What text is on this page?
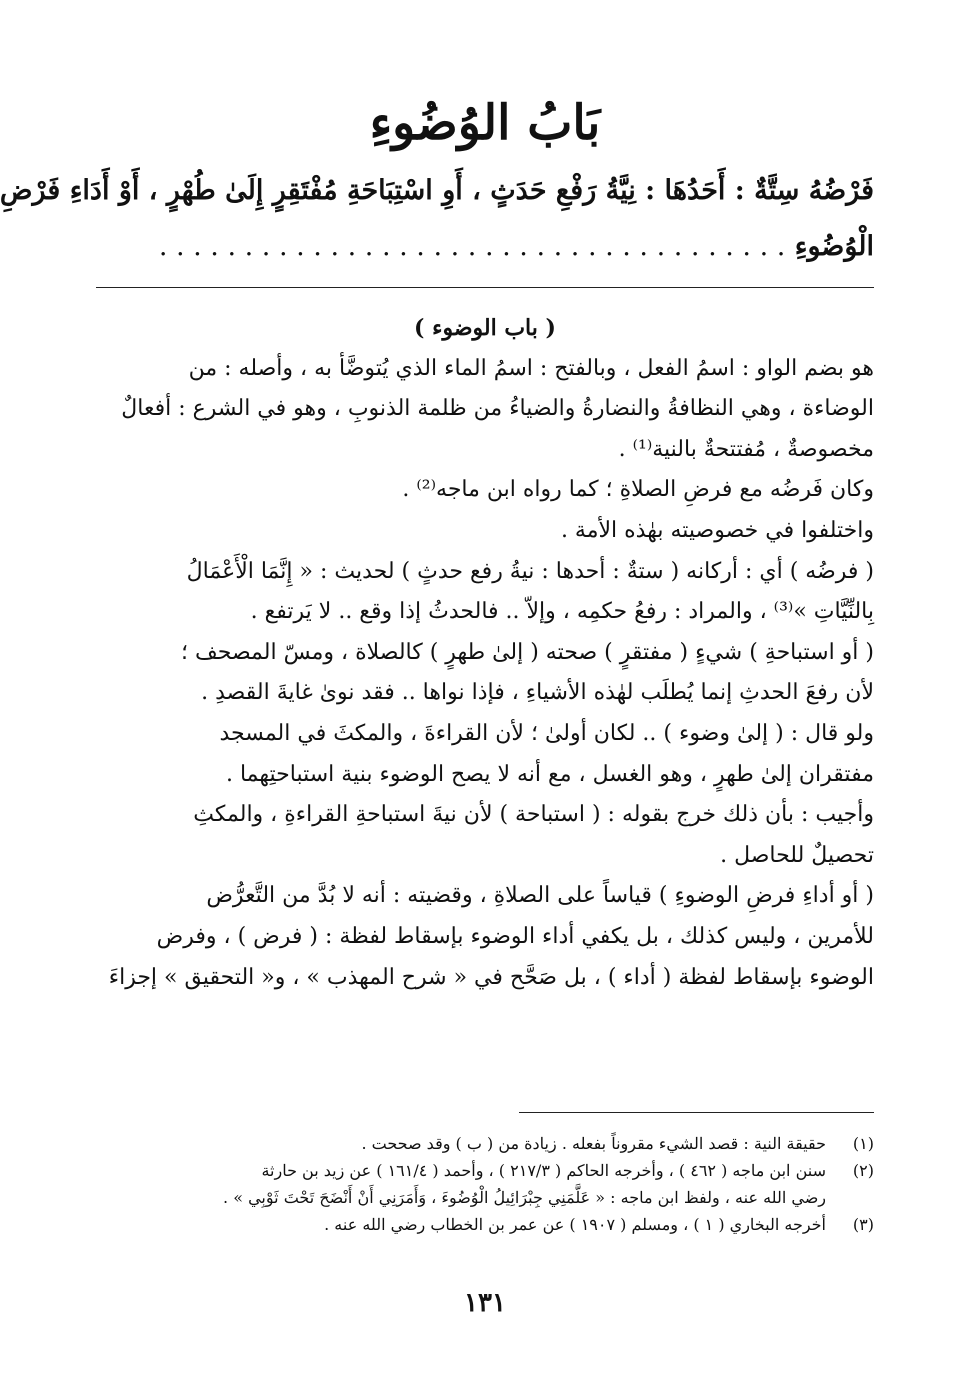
بَابُ الوُضُوءِ
فَرْضُهُ سِتَّةٌ : أَحَدُهَا : نِيَّةُ رَفْعِ حَدَثٍ ، أَوِ اسْتِبَاحَةِ مُفْتَقِرٍ إِلَىٰ طُهْرٍ ، أَوْ أَدَاءِ فَرْضِ
الْوُضُوءِ . . . . . . . . . . . . . . . . . . . . . . . . . . . . . . . . . . . . .
( باب الوضوء )
هو بضم الواو : اسمُ الفعل ، وبالفتح : اسمُ الماء الذي يُتوضَّأ به ، وأصله : من
الوضاءة ، وهي النظافةُ والنضارةُ والضياءُ من ظلمة الذنوبِ ، وهو في الشرع : أفعالٌ
مخصوصةٌ ، مُفتتحةٌ بالنية⁽¹⁾ .
وكان فَرضُه مع فرضِ الصلاةِ ؛ كما رواه ابن ماجه⁽²⁾ .
واختلفوا في خصوصيته بهٰذه الأمة .
( فرضُه ) أي : أركانه ( ستةٌ : أحدها : نيةُ رفع حدثٍ ) لحديث : « إِنَّمَا الْأَعْمَالُ
بِالنِّيَّاتِ »⁽³⁾ ، والمراد : رفعُ حكمِه ، وإلاّ .. فالحدثُ إذا وقع .. لا يَرتفع .
( أو استباحةِ ) شيءٍ ( مفتقرٍ ) صحته ( إلىٰ طهرٍ ) كالصلاة ، ومسّ المصحف ؛
لأن رفعَ الحدثِ إنما يُطلَب لهٰذه الأشياءِ ، فإذا نواها .. فقد نوىٰ غايةَ القصدِ .
ولو قال : ( إلىٰ وضوء ) .. لكان أولىٰ ؛ لأن القراءةَ ، والمكثَ في المسجد
مفتقران إلىٰ طهرٍ ، وهو الغسل ، مع أنه لا يصح الوضوء بنية استباحتِهما .
وأجيب : بأن ذلك خرج بقوله : ( استباحة ) لأن نيةَ استباحةِ القراءةِ ، والمكثِ
تحصيلٌ للحاصل .
( أو أداءِ فرضِ الوضوءِ ) قياساً على الصلاةِ ، وقضيته : أنه لا بُدَّ من التَّعرُّض
للأمرين ، وليس كذلك ، بل يكفي أداء الوضوء بإسقاط لفظة : ( فرض ) ، وفرض
الوضوء بإسقاط لفظة ( أداء ) ، بل صَحَّح في « شرح المهذب » ، و« التحقيق » إجزاءَ
(١)حقيقة النية : قصد الشيء مقروناً بفعله . زيادة من ( ب ) وقد صححت .
(٢)سنن ابن ماجه ( ٤٦٢ ) ، وأخرجه الحاكم ( ٢١٧/٣ ) ، وأحمد ( ١٦١/٤ ) عن زيد بن حارثة
رضي الله عنه ، ولفظ ابن ماجه : « عَلَّمَنِي جِبْرَائِيلُ الْوُضُوءَ ، وَأَمَرَنِي أَنْ أَنْضَحَ تَحْتَ ثَوْبِي » .
(٣)أخرجه البخاري ( ١ ) ، ومسلم ( ١٩٠٧ ) عن عمر بن الخطاب رضي الله عنه .
١٣١
